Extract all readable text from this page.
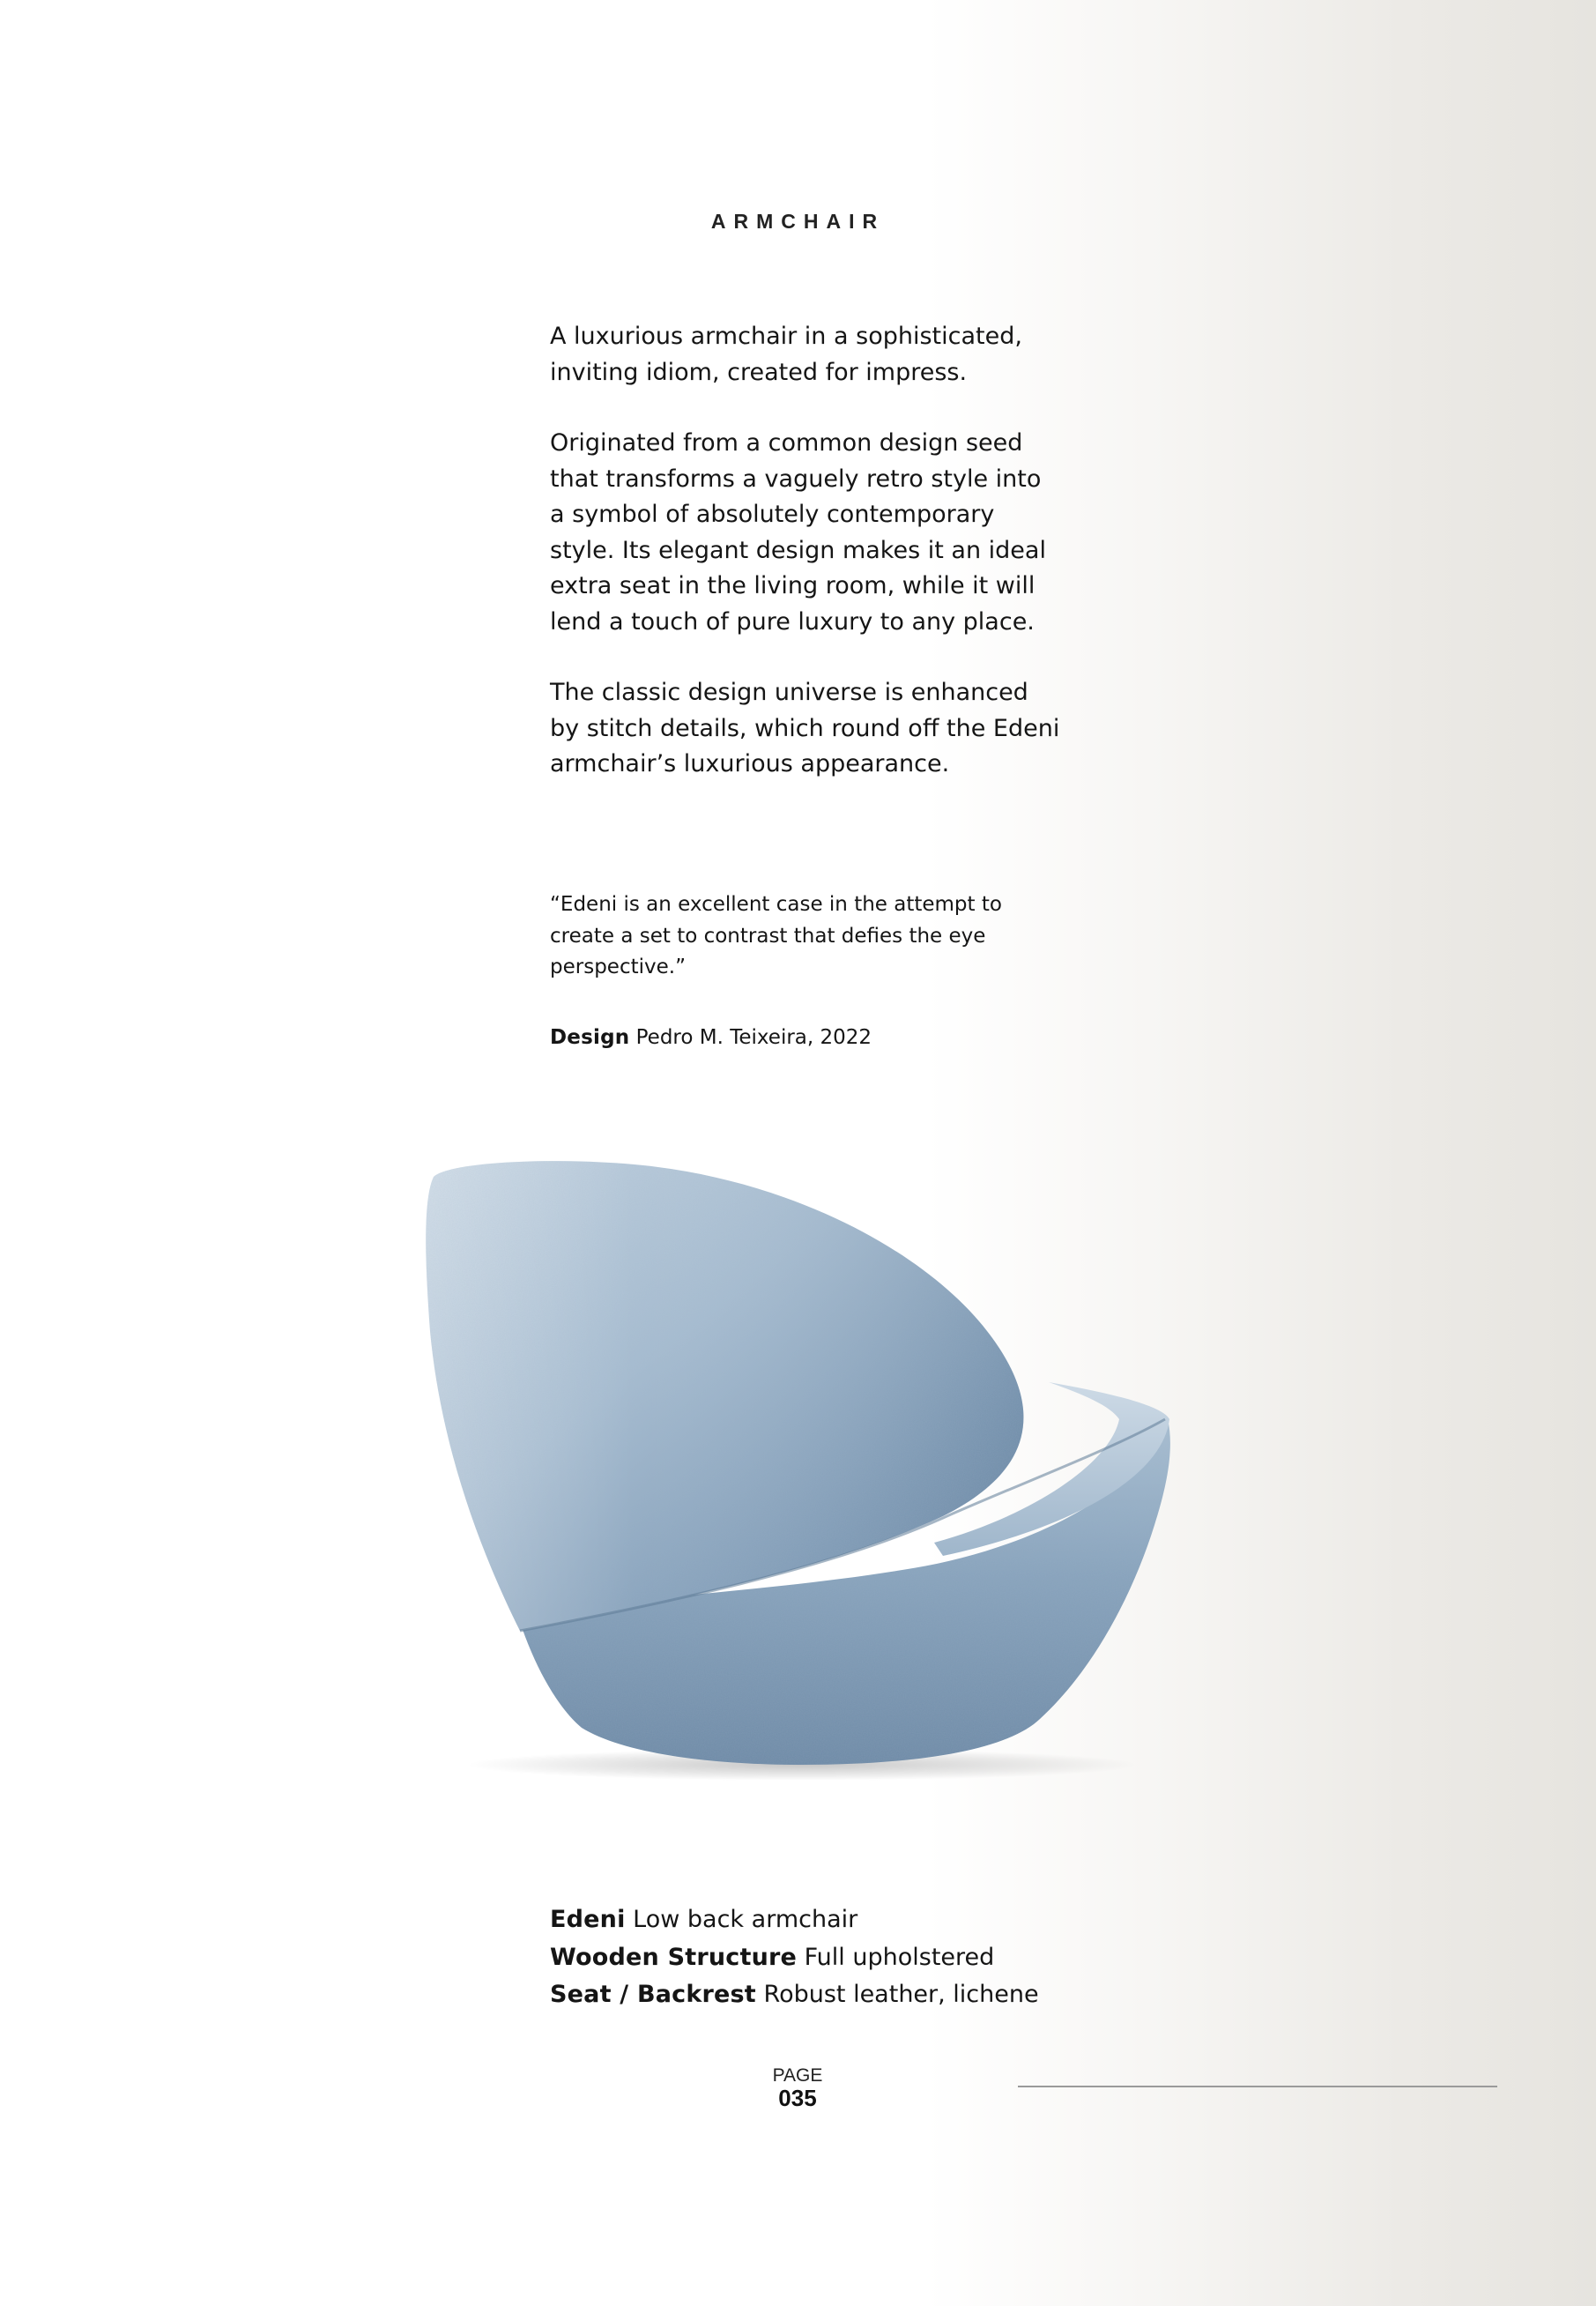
ARMCHAIR

A luxurious armchair in a sophisticated, inviting idiom, created for impress.

Originated from a common design seed that transforms a vaguely retro style into a symbol of absolutely contemporary style. Its elegant design makes it an ideal extra seat in the living room, while it will lend a touch of pure luxury to any place.

The classic design universe is enhanced by stitch details, which round off the Edeni armchair’s luxurious appearance.

“Edeni is an excellent case in the attempt to create a set to contrast that defies the eye perspective.”

Design Pedro M. Teixeira, 2022

Edeni Low back armchair
Wooden Structure Full upholstered
Seat / Backrest Robust leather, lichene
PAGE
035
